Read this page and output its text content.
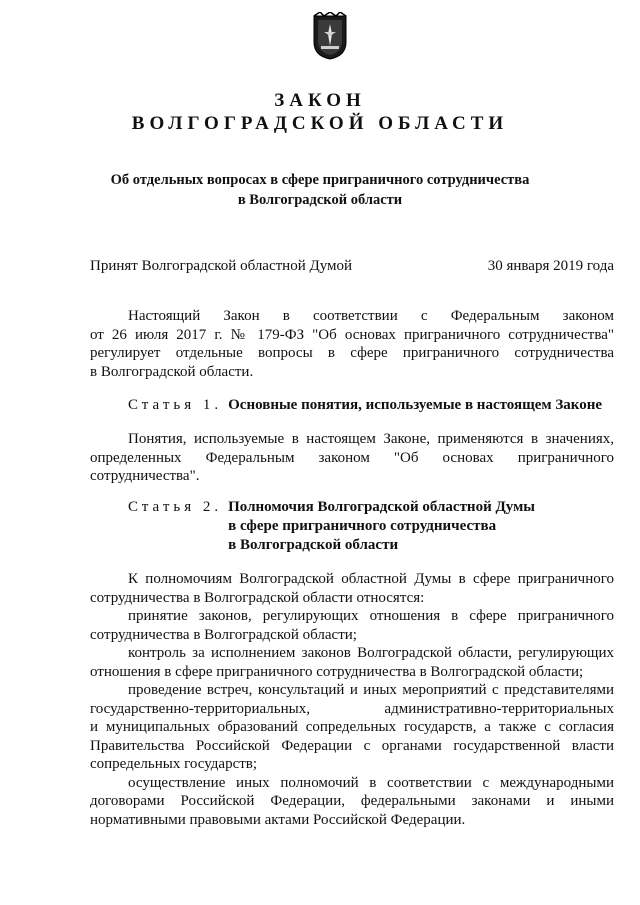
ЗАКОН
ВОЛГОГРАДСКОЙ ОБЛАСТИ
Об отдельных вопросах в сфере приграничного сотрудничества
в Волгоградской области
Принят Волгоградской областной Думой	30 января 2019 года
Настоящий Закон в соответствии с Федеральным законом
от 26 июля 2017 г. № 179-ФЗ "Об основах приграничного сотрудничества"
регулирует отдельные вопросы в сфере приграничного сотрудничества
в Волгоградской области.
Статья 1. Основные понятия, используемые в настоящем Законе
Понятия, используемые в настоящем Законе, применяются в значениях,
определенных Федеральным законом "Об основах приграничного
сотрудничества".
Статья 2. Полномочия Волгоградской областной Думы
в сфере приграничного сотрудничества
в Волгоградской области
К полномочиям Волгоградской областной Думы в сфере приграничного
сотрудничества в Волгоградской области относятся:
принятие законов, регулирующих отношения в сфере приграничного
сотрудничества в Волгоградской области;
контроль за исполнением законов Волгоградской области, регулирующих
отношения в сфере приграничного сотрудничества в Волгоградской области;
проведение встреч, консультаций и иных мероприятий с представителями
государственно-территориальных, административно-территориальных
и муниципальных образований сопредельных государств, а также с согласия
Правительства Российской Федерации с органами государственной власти
сопредельных государств;
осуществление иных полномочий в соответствии с международными
договорами Российской Федерации, федеральными законами и иными
нормативными правовыми актами Российской Федерации.
